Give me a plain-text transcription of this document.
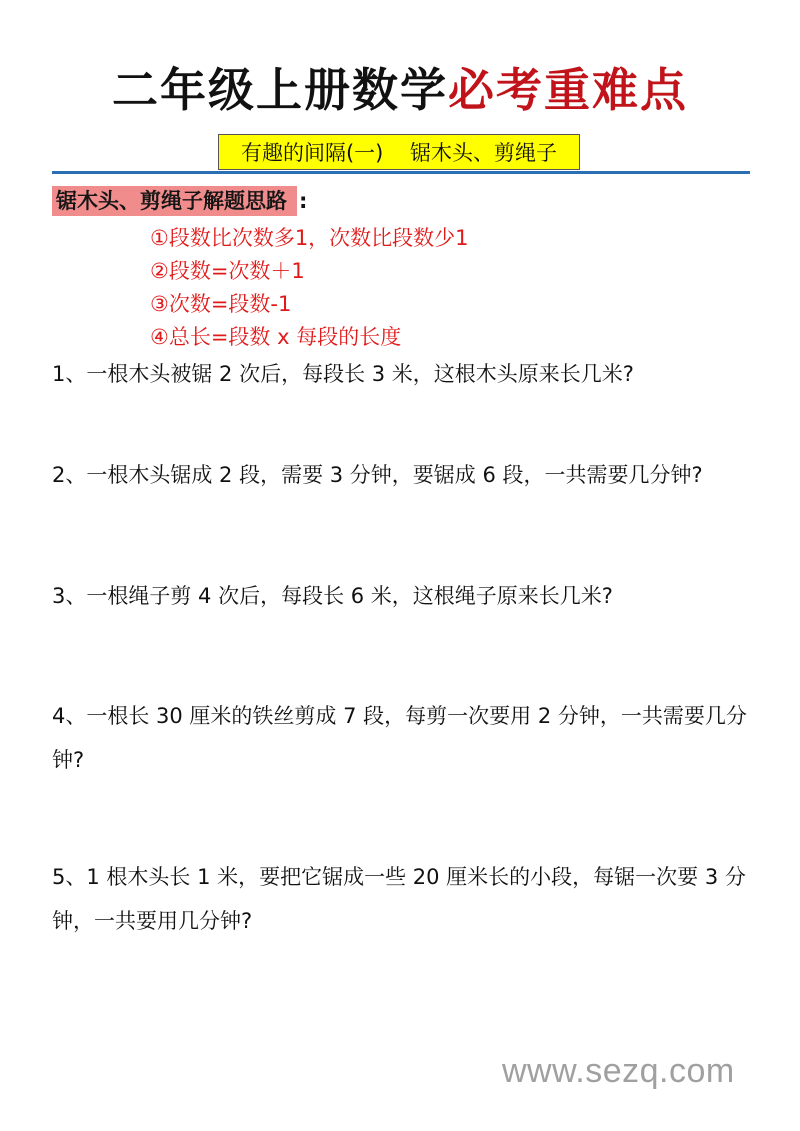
二年级上册数学必考重难点
有趣的间隔(一)    锯木头、剪绳子
锯木头、剪绳子解题思路 :
①段数比次数多1，次数比段数少1
②段数=次数＋1
③次数=段数-1
④总长=段数 x 每段的长度
1、一根木头被锯 2 次后，每段长 3 米，这根木头原来长几米?
2、一根木头锯成 2 段，需要 3 分钟，要锯成 6 段，一共需要几分钟?
3、一根绳子剪 4 次后，每段长 6 米，这根绳子原来长几米?
4、一根长 30 厘米的铁丝剪成 7 段，每剪一次要用 2 分钟，一共需要几分钟?
5、1 根木头长 1 米，要把它锯成一些 20 厘米长的小段，每锯一次要 3 分钟，一共要用几分钟?
www.sezq.com
